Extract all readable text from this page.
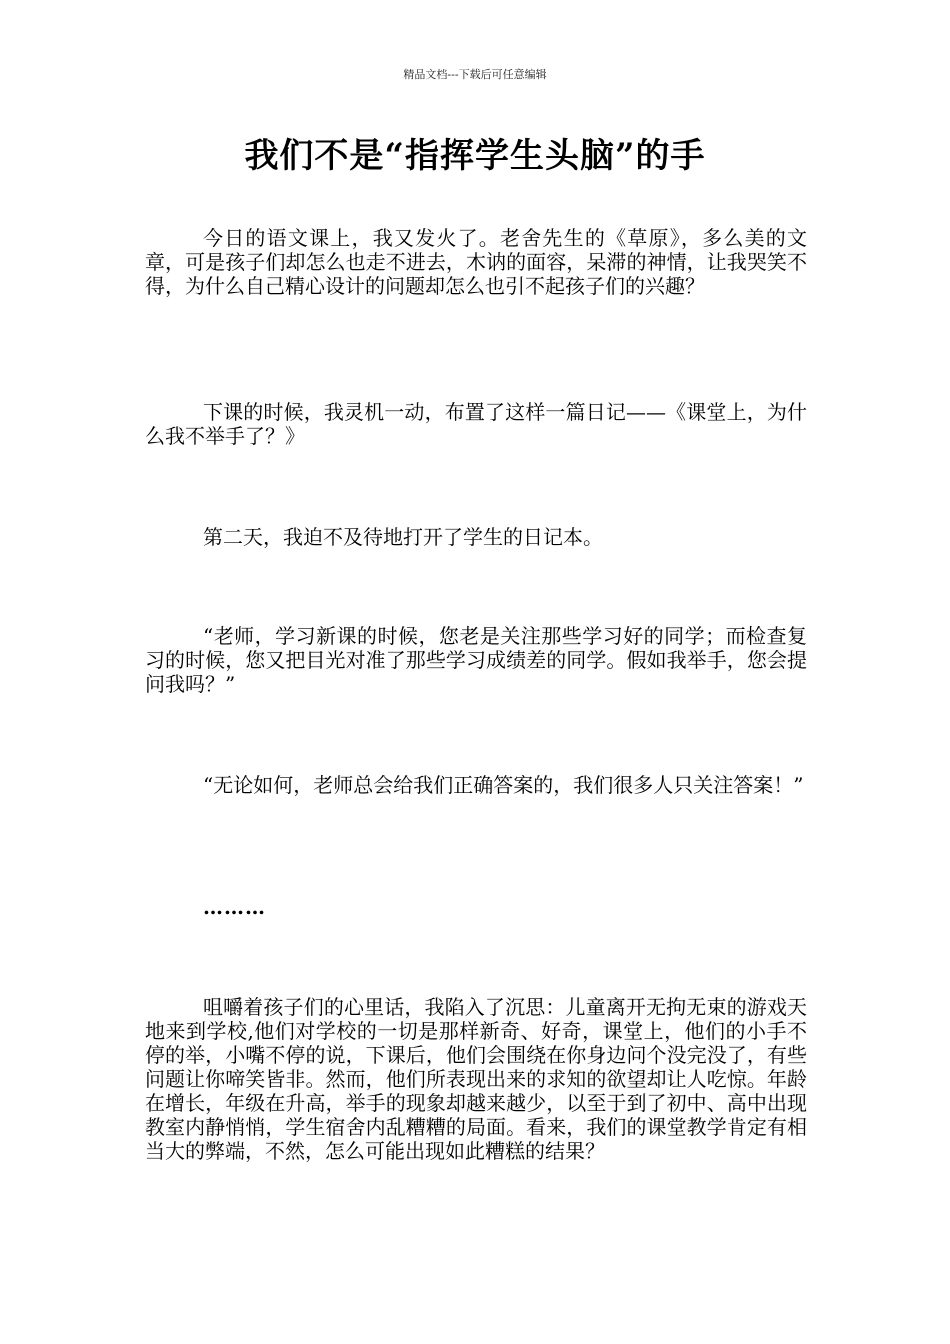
精品文档---下载后可任意编辑
我们不是“指挥学生头脑”的手

今日的语文课上，我又发火了。老舍先生的《草原》，多么美的文章，可是孩子们却怎么也走不进去，木讷的面容，呆滞的神情，让我哭笑不得，为什么自己精心设计的问题却怎么也引不起孩子们的兴趣？

下课的时候，我灵机一动，布置了这样一篇日记——《课堂上，为什么我不举手了？》

第二天，我迫不及待地打开了学生的日记本。

“老师，学习新课的时候，您老是关注那些学习好的同学；而检查复习的时候，您又把目光对准了那些学习成绩差的同学。假如我举手，您会提问我吗？”

“无论如何，老师总会给我们正确答案的，我们很多人只关注答案！”

………

咀嚼着孩子们的心里话，我陷入了沉思：儿童离开无拘无束的游戏天地来到学校,他们对学校的一切是那样新奇、好奇，课堂上，他们的小手不停的举，小嘴不停的说，下课后，他们会围绕在你身边问个没完没了，有些问题让你啼笑皆非。然而，他们所表现出来的求知的欲望却让人吃惊。年龄在增长，年级在升高，举手的现象却越来越少，以至于到了初中、高中出现教室内静悄悄，学生宿舍内乱糟糟的局面。看来，我们的课堂教学肯定有相当大的弊端，不然，怎么可能出现如此糟糕的结果？
